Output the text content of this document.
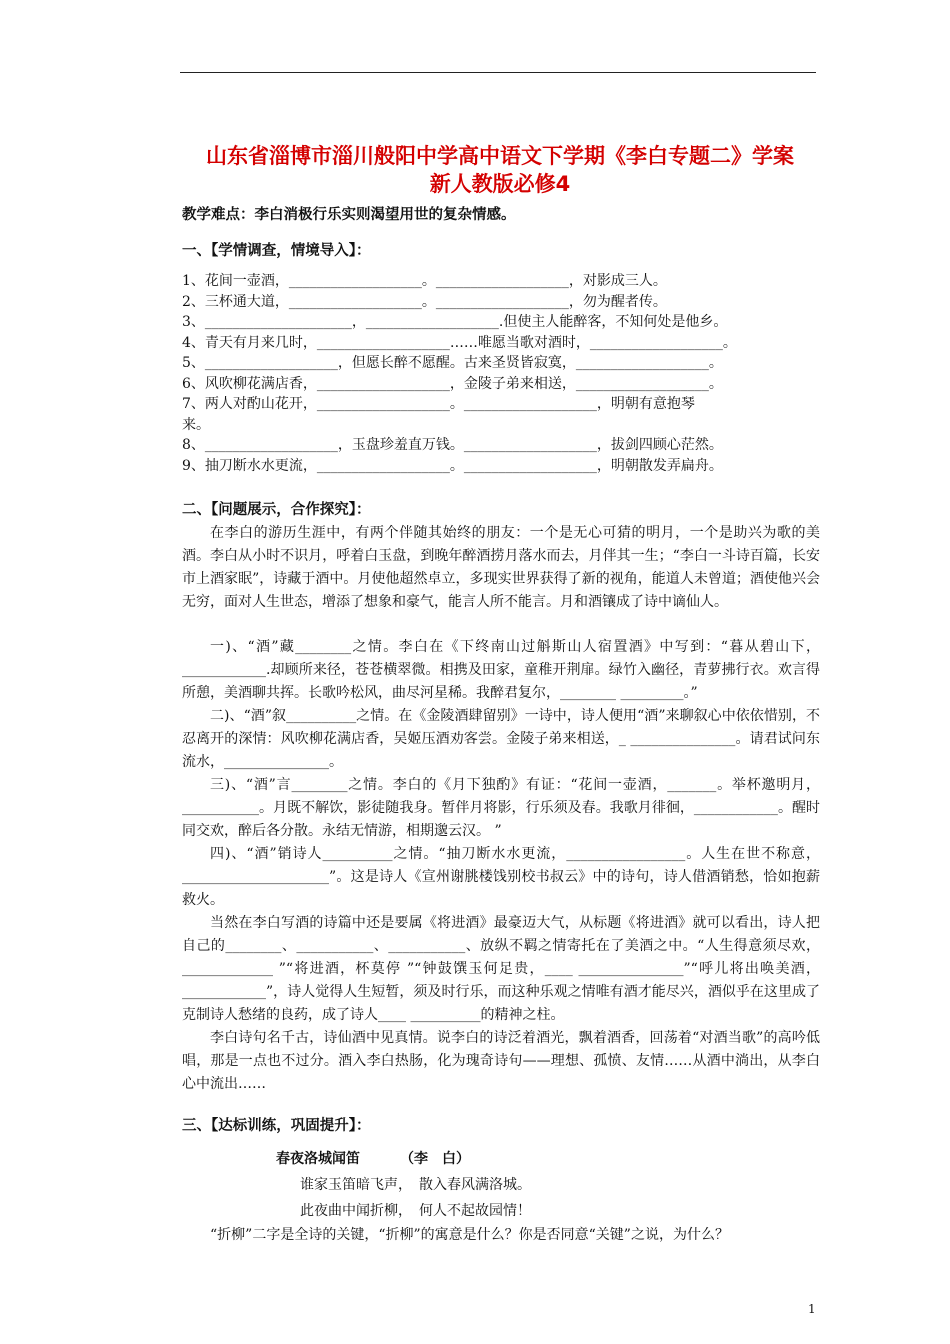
山东省淄博市淄川般阳中学高中语文下学期《李白专题二》学案
新人教版必修4

教学难点：李白消极行乐实则渴望用世的复杂情感。

一、【学情调查，情境导入】：

1、花间一壶酒，___________________。___________________，对影成三人。
2、三杯通大道，___________________。___________________，勿为醒者传。
3、_____________________，___________________.但使主人能醉客，不知何处是他乡。
4、青天有月来几时，___________________……唯愿当歌对酒时，___________________。
5、___________________，但愿长醉不愿醒。古来圣贤皆寂寞，___________________。
6、风吹柳花满店香，___________________，金陵子弟来相送，___________________。
7、两人对酌山花开，___________________。___________________，明朝有意抱琴
来。
8、___________________，玉盘珍羞直万钱。___________________，拔剑四顾心茫然。
9、抽刀断水水更流，___________________。___________________，明朝散发弄扁舟。

二、【问题展示，合作探究】：

在李白的游历生涯中，有两个伴随其始终的朋友：一个是无心可猜的明月，一个是助兴为歌的美酒。李白从小时不识月，呼着白玉盘，到晚年醉酒捞月落水而去，月伴其一生；“李白一斗诗百篇，长安市上酒家眠”，诗藏于酒中。月使他超然卓立，多现实世界获得了新的视角，能道人未曾道；酒使他兴会无穷，面对人生世态，增添了想象和豪气，能言人所不能言。月和酒镶成了诗中谪仙人。

一)、“酒”藏________之情。李白在《下终南山过斛斯山人宿置酒》中写到：“暮从碧山下，____________.却顾所来径，苍苍横翠微。相携及田家，童稚开荆扉。绿竹入幽径，青萝拂行衣。欢言得所憩，美酒聊共挥。长歌吟松风，曲尽河星稀。我醉君复尔，________ _________。”

二)、“酒”叙__________之情。在《金陵酒肆留别》一诗中，诗人便用“酒”来聊叙心中依依惜别，不忍离开的深情：风吹柳花满店香，吴姬压酒劝客尝。金陵子弟来相送，_ _______________。请君试问东流水，_______________。

三)、“酒”言________之情。李白的《月下独酌》有证：“花间一壶酒，_______。举杯邀明月，___________。月既不解饮，影徒随我身。暂伴月将影，行乐须及春。我歌月徘徊，____________。醒时同交欢，醉后各分散。永结无情游，相期邈云汉。 ”

四)、“酒”销诗人__________之情。“抽刀断水水更流，_________________。人生在世不称意，_____________________”。这是诗人《宣州谢朓楼饯别校书叔云》中的诗句，诗人借酒销愁，恰如抱薪救火。

当然在李白写酒的诗篇中还是要属《将进酒》最豪迈大气，从标题《将进酒》就可以看出，诗人把自己的________、___________、___________、放纵不羁之情寄托在了美酒之中。“人生得意须尽欢，_____________ ”“将进酒，杯莫停 ”“钟鼓馔玉何足贵，____ _______________”“呼儿将出唤美酒，____________”，诗人觉得人生短暂，须及时行乐，而这种乐观之情唯有酒才能尽兴，酒似乎在这里成了克制诗人愁绪的良药，成了诗人____ __________的精神之柱。

李白诗句名千古，诗仙酒中见真情。说李白的诗泛着酒光，飘着酒香，回荡着“对酒当歌”的高吟低唱，那是一点也不过分。酒入李白热肠，化为瑰奇诗句——理想、孤愤、友情……从酒中淌出，从李白心中流出……

三、【达标训练，巩固提升】：

春夜洛城闻笛	（李　白）
谁家玉笛暗飞声，　散入春风满洛城。
此夜曲中闻折柳，　何人不起故园情！

“折柳”二字是全诗的关键，“折柳”的寓意是什么？你是否同意“关键”之说，为什么？

1
